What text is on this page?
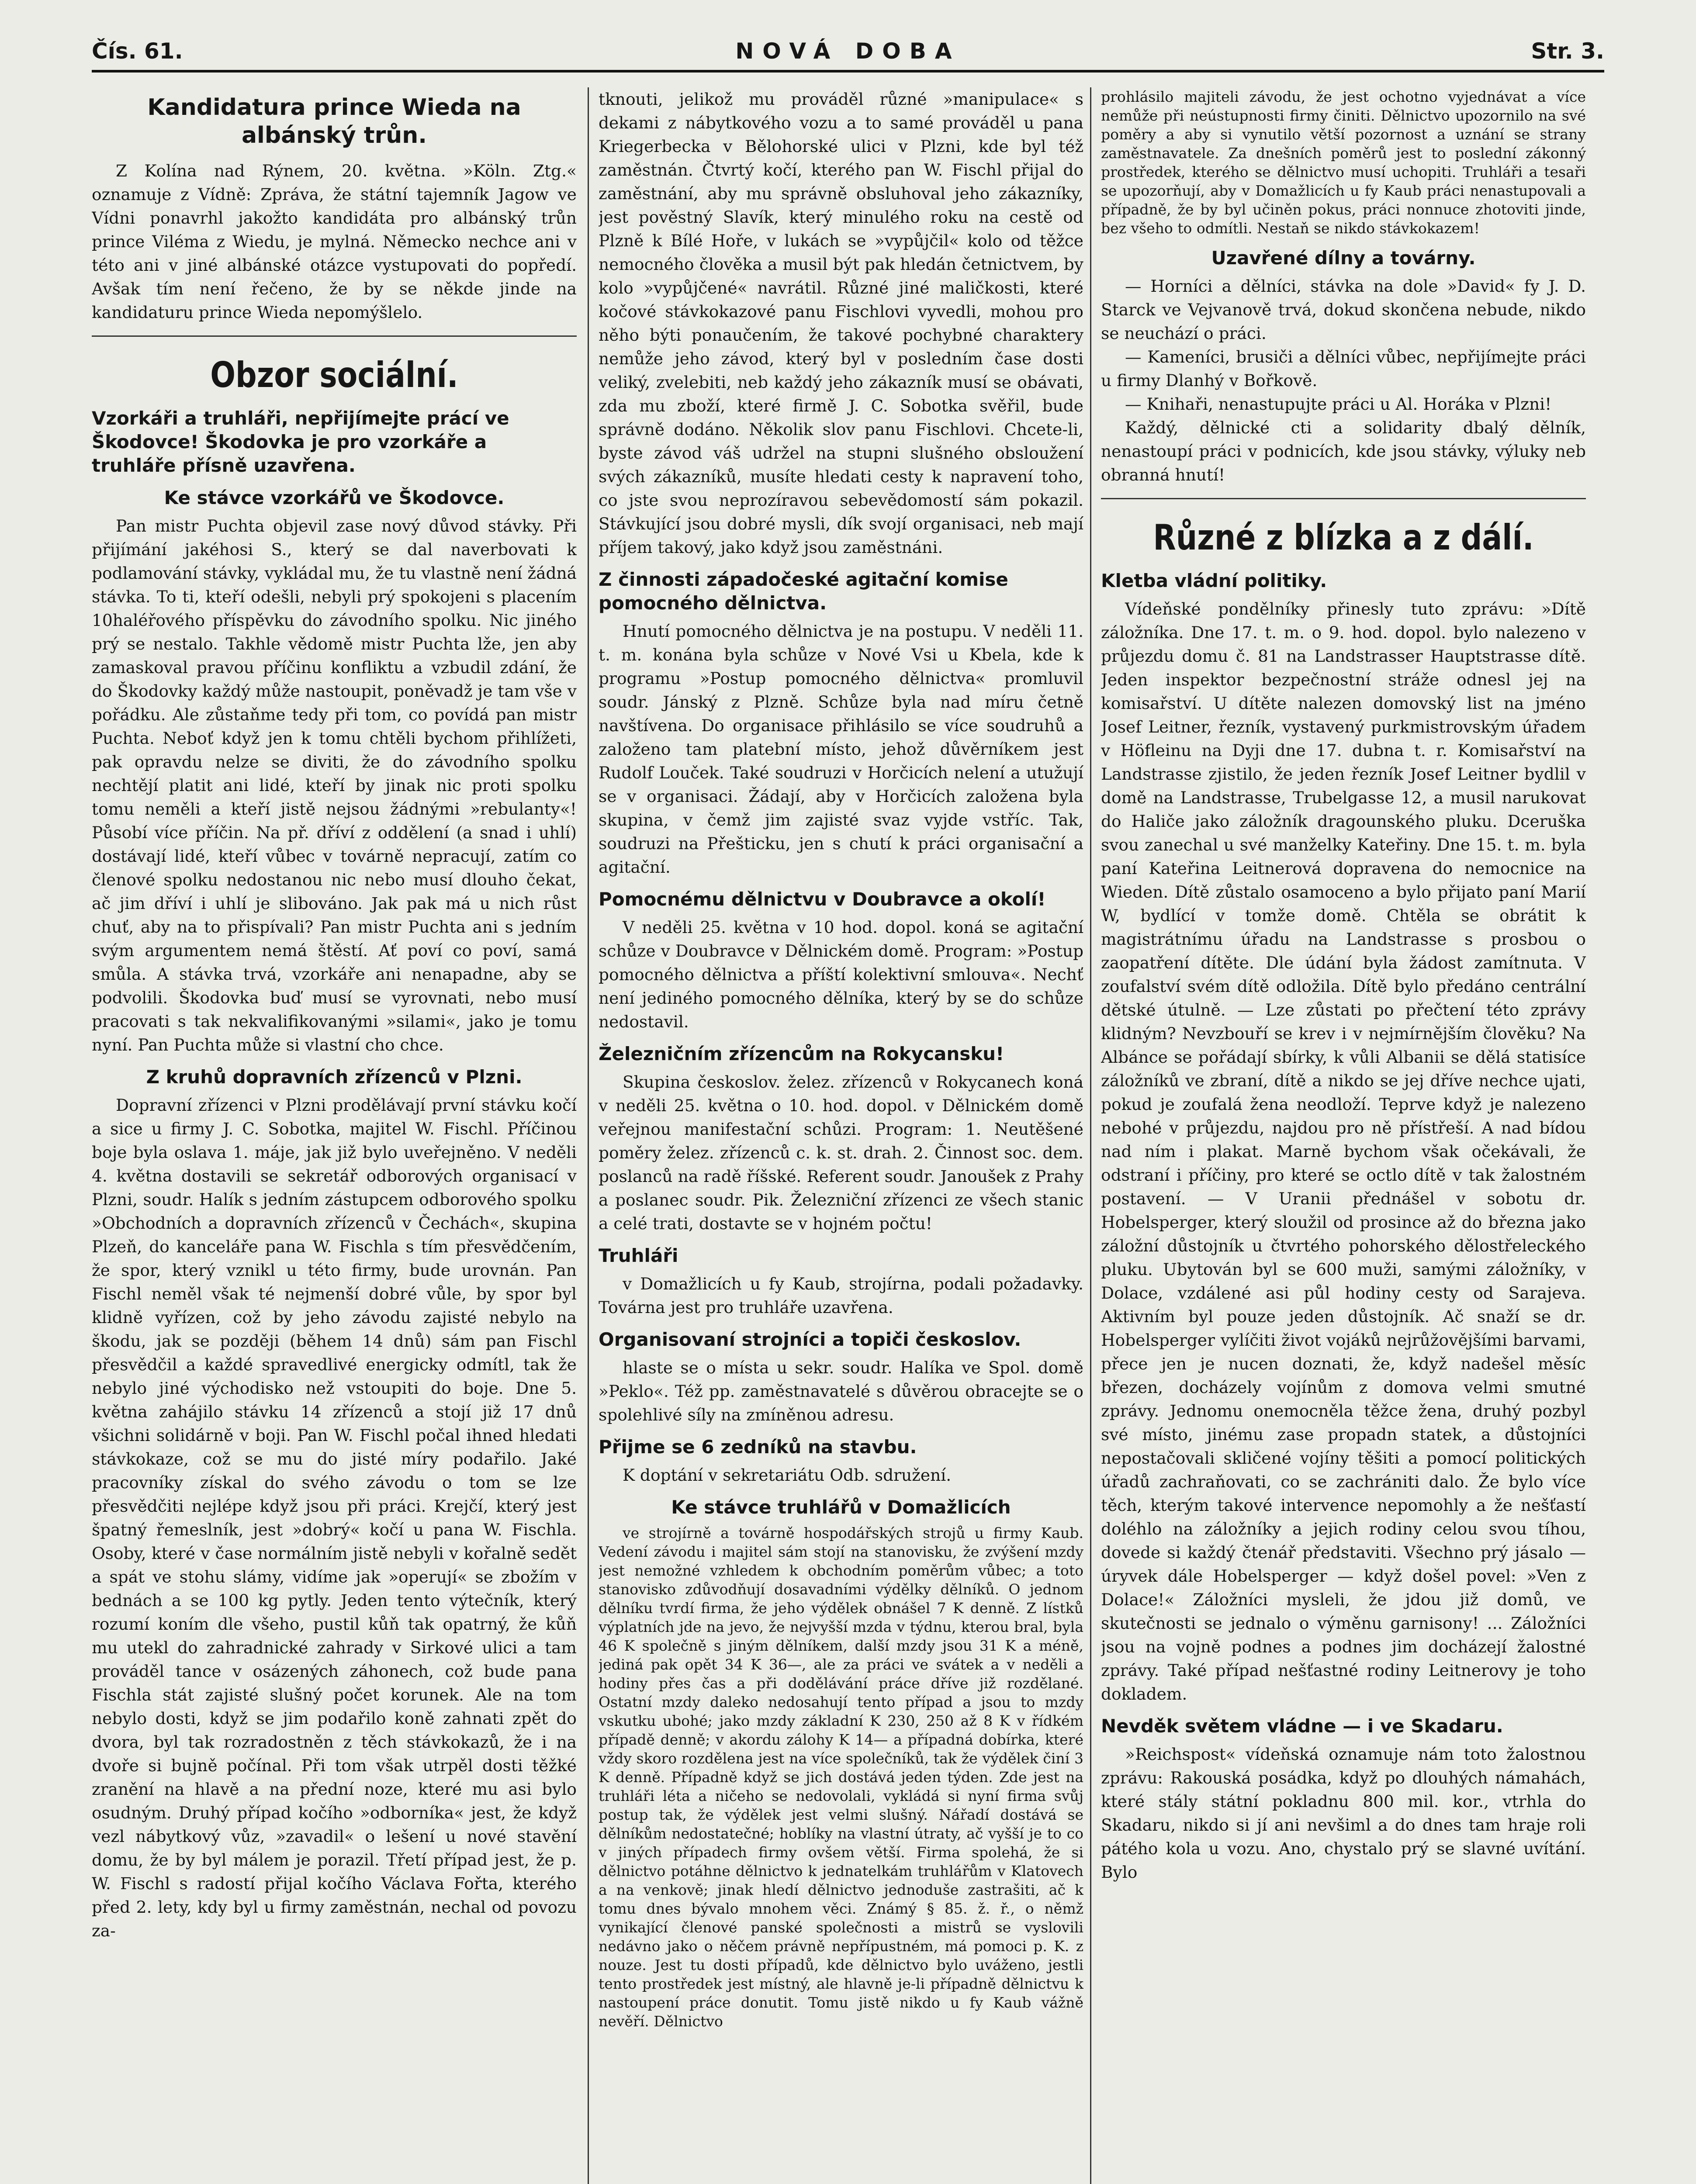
Čís. 61.	NOVÁ DOBA	Str. 3.
Kandidatura prince Wieda na albánský trůn.

Z Kolína nad Rýnem, 20. května. »Köln. Ztg.« oznamuje z Vídně: Zpráva, že státní tajemník Jagow ve Vídni ponavrhl jakožto kandidáta pro albánský trůn prince Viléma z Wiedu, je mylná. Německo nechce ani v této ani v jiné albánské otázce vystupovati do popředí. Avšak tím není řečeno, že by se někde jinde na kandidaturu prince Wieda nepomýšlelo.

Obzor sociální.
Vzorkáři a truhláři, nepřijímejte prácí ve Škodovce! Škodovka je pro vzorkáře a truhláře přísně uzavřena.
Ke stávce vzorkářů ve Škodovce.

Pan mistr Puchta objevil zase nový důvod stávky. Při přijímání jakéhosi S., který se dal naverbovati k podlamování stávky, vykládal mu, že tu vlastně není žádná stávka. To ti, kteří odešli, nebyli prý spokojeni s placením 10haléřového příspěvku do závodního spolku. Nic jiného prý se nestalo. Takhle vědomě mistr Puchta lže, jen aby zamaskoval pravou příčinu konfliktu a vzbudil zdání, že do Škodovky každý může nastoupit, poněvadž je tam vše v pořádku. Ale zůstaňme tedy při tom, co povídá pan mistr Puchta. Neboť když jen k tomu chtěli bychom přihlížeti, pak opravdu nelze se diviti, že do závodního spolku nechtějí platit ani lidé, kteří by jinak nic proti spolku tomu neměli a kteří jistě nejsou žádnými »rebulanty«! Působí více příčin. Na př. dříví z oddělení (a snad i uhlí) dostávají lidé, kteří vůbec v továrně nepracují, zatím co členové spolku nedostanou nic nebo musí dlouho čekat, ač jim dříví i uhlí je slibováno. Jak pak má u nich růst chuť, aby na to přispívali? Pan mistr Puchta ani s jedním svým argumentem nemá štěstí. Ať poví co poví, samá smůla. A stávka trvá, vzorkáře ani nenapadne, aby se podvolili. Škodovka buď musí se vyrovnati, nebo musí pracovati s tak nekvalifikovanými »silami«, jako je tomu nyní. Pan Puchta může si vlastní cho chce.

Z kruhů dopravních zřízenců v Plzni.

Dopravní zřízenci v Plzni prodělávají první stávku kočí a sice u firmy J. C. Sobotka, majitel W. Fischl. Příčinou boje byla oslava 1. máje, jak již bylo uveřejněno. V neděli 4. května dostavili se sekretář odborových organisací v Plzni, soudr. Halík s jedním zástupcem odborového spolku »Obchodních a dopravních zřízenců v Čechách«, skupina Plzeň, do kanceláře pana W. Fischla s tím přesvědčením, že spor, který vznikl u této firmy, bude urovnán. Pan Fischl neměl však té nejmenší dobré vůle, by spor byl klidně vyřízen, což by jeho závodu zajisté nebylo na škodu, jak se později (během 14 dnů) sám pan Fischl přesvědčil a každé spravedlivé energicky odmítl, tak že nebylo jiné východisko než vstoupiti do boje. Dne 5. května zahájilo stávku 14 zřízenců a stojí již 17 dnů všichni solidárně v boji. Pan W. Fischl počal ihned hledati stávkokaze, což se mu do jisté míry podařilo. Jaké pracovníky získal do svého závodu o tom se lze přesvědčiti nejlépe když jsou při práci. Krejčí, který jest špatný řemeslník, jest »dobrý« kočí u pana W. Fischla. Osoby, které v čase normálním jistě nebyli v kořalně sedět a spát ve stohu slámy, vidíme jak »operují« se zbožím v bednách a se 100 kg pytly. Jeden tento výtečník, který rozumí koním dle všeho, pustil kůň tak opatrný, že kůň mu utekl do zahradnické zahrady v Sirkové ulici a tam prováděl tance v osázených záhonech, což bude pana Fischla stát zajisté slušný počet korunek. Ale na tom nebylo dosti, když se jim podařilo koně zahnati zpět do dvora, byl tak rozradostněn z těch stávkokazů, že i na dvoře si bujně počínal. Při tom však utrpěl dosti těžké zranění na hlavě a na přední noze, které mu asi bylo osudným. Druhý případ kočího »odborníka« jest, že když vezl nábytkový vůz, »zavadil« o lešení u nové stavění domu, že by byl málem je porazil. Třetí případ jest, že p. W. Fischl s radostí přijal kočího Václava Fořta, kterého před 2. lety, kdy byl u firmy zaměstnán, nechal od povozu za-

tknouti, jelikož mu prováděl různé »manipulace« s dekami z nábytkového vozu a to samé prováděl u pana Kriegerbecka v Bělohorské ulici v Plzni, kde byl též zaměstnán. Čtvrtý kočí, kterého pan W. Fischl přijal do zaměstnání, aby mu správně obsluhoval jeho zákazníky, jest pověstný Slavík, který minulého roku na cestě od Plzně k Bílé Hoře, v lukách se »vypůjčil« kolo od těžce nemocného člověka a musil být pak hledán četnictvem, by kolo »vypůjčené« navrátil. Různé jiné maličkosti, které kočové stávkokazové panu Fischlovi vyvedli, mohou pro něho býti ponaučením, že takové pochybné charaktery nemůže jeho závod, který byl v posledním čase dosti veliký, zvelebiti, neb každý jeho zákazník musí se obávati, zda mu zboží, které firmě J. C. Sobotka svěřil, bude správně dodáno. Několik slov panu Fischlovi. Chcete-li, byste závod váš udržel na stupni slušného obsloužení svých zákazníků, musíte hledati cesty k napravení toho, co jste svou neprozíravou sebevědomostí sám pokazil. Stávkující jsou dobré mysli, dík svojí organisaci, neb mají příjem takový, jako když jsou zaměstnáni.

Z činnosti západočeské agitační komise pomocného dělnictva.

Hnutí pomocného dělnictva je na postupu. V neděli 11. t. m. konána byla schůze v Nové Vsi u Kbela, kde k programu »Postup pomocného dělnictva« promluvil soudr. Jánský z Plzně. Schůze byla nad míru četně navštívena. Do organisace přihlásilo se více soudruhů a založeno tam platební místo, jehož důvěrníkem jest Rudolf Louček. Také soudruzi v Horčicích nelení a utužují se v organisaci. Žádají, aby v Horčicích založena byla skupina, v čemž jim zajisté svaz vyjde vstříc. Tak, soudruzi na Přešticku, jen s chutí k práci organisační a agitační.

Pomocnému dělnictvu v Doubravce a okolí!

V neděli 25. května v 10 hod. dopol. koná se agitační schůze v Doubravce v Dělnickém domě. Program: »Postup pomocného dělnictva a příští kolektivní smlouva«. Nechť není jediného pomocného dělníka, který by se do schůze nedostavil.

Železničním zřízencům na Rokycansku!

Skupina českoslov. želez. zřízenců v Rokycanech koná v neděli 25. května o 10. hod. dopol. v Dělnickém domě veřejnou manifestační schůzi. Program: 1. Neutěšené poměry želez. zřízenců c. k. st. drah. 2. Činnost soc. dem. poslanců na radě říšské. Referent soudr. Janoušek z Prahy a poslanec soudr. Pik. Železniční zřízenci ze všech stanic a celé trati, dostavte se v hojném počtu!

Truhláři

v Domažlicích u fy Kaub, strojírna, podali požadavky. Továrna jest pro truhláře uzavřena.

Organisovaní strojníci a topiči českoslov.

hlaste se o místa u sekr. soudr. Halíka ve Spol. domě »Peklo«. Též pp. zaměstnavatelé s důvěrou obracejte se o spolehlivé síly na zmíněnou adresu.

Přijme se 6 zedníků na stavbu.

K doptání v sekretariátu Odb. sdružení.

Ke stávce truhlářů v Domažlicích

ve strojírně a továrně hospodářských strojů u firmy Kaub. Vedení závodu i majitel sám stojí na stanovisku, že zvýšení mzdy jest nemožné vzhledem k obchodním poměrům vůbec; a toto stanovisko zdůvodňují dosavadními výdělky dělníků. O jednom dělníku tvrdí firma, že jeho výdělek obnášel 7 K denně. Z lístků výplatních jde na jevo, že nejvyšší mzda v týdnu, kterou bral, byla 46 K společně s jiným dělníkem, další mzdy jsou 31 K a méně, jediná pak opět 34 K 36—, ale za práci ve svátek a v neděli a hodiny přes čas a při dodělávání práce dříve již rozdělané. Ostatní mzdy daleko nedosahují tento případ a jsou to mzdy vskutku ubohé; jako mzdy základní K 230, 250 až 8 K v řídkém případě denně; v akordu zálohy K 14— a případná dobírka, které vždy skoro rozdělena jest na více společníků, tak že výdělek činí 3 K denně. Případně když se jich dostává jeden týden. Zde jest na truhláři léta a ničeho se nedovolali, vykládá si nyní firma svůj postup tak, že výdělek jest velmi slušný. Nářadí dostává se dělníkům nedostatečné; hoblíky na vlastní útraty, ač vyšší je to co v jiných případech firmy ovšem větší. Firma spolehá, že si dělnictvo potáhne dělnictvo k jednatelkám truhlářům v Klatovech a na venkově; jinak hledí dělnictvo jednoduše zastrašiti, ač k tomu dnes bývalo mnohem věci. Známý § 85. ž. ř., o němž vynikající členové panské společnosti a mistrů se vyslovili nedávno jako o něčem právně nepřípustném, má pomoci p. K. z nouze. Jest tu dosti případů, kde dělnictvo bylo uváženo, jestli tento prostředek jest místný, ale hlavně je-li případně dělnictvu k nastoupení práce donutit. Tomu jistě nikdo u fy Kaub vážně nevěří. Dělnictvo

prohlásilo majiteli závodu, že jest ochotno vyjednávat a více nemůže při neústupnosti firmy činiti. Dělnictvo upozornilo na své poměry a aby si vynutilo větší pozornost a uznání se strany zaměstnavatele. Za dnešních poměrů jest to poslední zákonný prostředek, kterého se dělnictvo musí uchopiti. Truhláři a tesaři se upozorňují, aby v Domažlicích u fy Kaub práci nenastupovali a případně, že by byl učiněn pokus, práci nonnuce zhotoviti jinde, bez všeho to odmítli. Nestaň se nikdo stávkokazem!

Uzavřené dílny a továrny.

— Horníci a dělníci, stávka na dole »David« fy J. D. Starck ve Vejvanově trvá, dokud skončena nebude, nikdo se neuchází o práci.

— Kameníci, brusiči a dělníci vůbec, nepřijímejte práci u firmy Dlanhý v Bořkově.

— Knihaři, nenastupujte práci u Al. Horáka v Plzni!

Každý, dělnické cti a solidarity dbalý dělník, nenastoupí práci v podnicích, kde jsou stávky, výluky neb obranná hnutí!

Různé z blízka a z dálí.
Kletba vládní politiky.

Vídeňské pondělníky přinesly tuto zprávu: »Dítě záložníka. Dne 17. t. m. o 9. hod. dopol. bylo nalezeno v průjezdu domu č. 81 na Landstrasser Hauptstrasse dítě. Jeden inspektor bezpečnostní stráže odnesl jej na komisařství. U dítěte nalezen domovský list na jméno Josef Leitner, řezník, vystavený purkmistrovským úřadem v Höfleinu na Dyji dne 17. dubna t. r. Komisařství na Landstrasse zjistilo, že jeden řezník Josef Leitner bydlil v domě na Landstrasse, Trubelgasse 12, a musil narukovat do Haliče jako záložník dragounského pluku. Dceruška svou zanechal u své manželky Kateřiny. Dne 15. t. m. byla paní Kateřina Leitnerová dopravena do nemocnice na Wieden. Dítě zůstalo osamoceno a bylo přijato paní Marií W, bydlící v tomže domě. Chtěla se obrátit k magistrátnímu úřadu na Landstrasse s prosbou o zaopatření dítěte. Dle údání byla žádost zamítnuta. V zoufalství svém dítě odložila. Dítě bylo předáno centrální dětské útulně. — Lze zůstati po přečtení této zprávy klidným? Nevzbouří se krev i v nejmírnějším člověku? Na Albánce se pořádají sbírky, k vůli Albanii se dělá statisíce záložníků ve zbraní, dítě a nikdo se jej dříve nechce ujati, pokud je zoufalá žena neodloží. Teprve když je nalezeno nebohé v průjezdu, najdou pro ně přístřeší. A nad bídou nad ním i plakat. Marně bychom však očekávali, že odstraní i příčiny, pro které se octlo dítě v tak žalostném postavení. — V Uranii přednášel v sobotu dr. Hobelsperger, který sloužil od prosince až do března jako záložní důstojník u čtvrtého pohorského dělostřeleckého pluku. Ubytován byl se 600 muži, samými záložníky, v Dolace, vzdálené asi půl hodiny cesty od Sarajeva. Aktivním byl pouze jeden důstojník. Ač snaží se dr. Hobelsperger vylíčiti život vojáků nejrůžovějšími barvami, přece jen je nucen doznati, že, když nadešel měsíc březen, docházely vojínům z domova velmi smutné zprávy. Jednomu onemocněla těžce žena, druhý pozbyl své místo, jinému zase propadn statek, a důstojníci nepostačovali skličené vojíny těšiti a pomocí politických úřadů zachraňovati, co se zachrániti dalo. Že bylo více těch, kterým takové intervence nepomohly a že nešťastí doléhlo na záložníky a jejich rodiny celou svou tíhou, dovede si každý čtenář představiti. Všechno prý jásalo — úryvek dále Hobelsperger — když došel povel: »Ven z Dolace!« Záložníci mysleli, že jdou již domů, ve skutečnosti se jednalo o výměnu garnisony! ... Záložníci jsou na vojně podnes a podnes jim docházejí žalostné zprávy. Také případ nešťastné rodiny Leitnerovy je toho dokladem.

Nevděk světem vládne — i ve Skadaru.

»Reichspost« vídeňská oznamuje nám toto žalostnou zprávu: Rakouská posádka, když po dlouhých námahách, které stály státní pokladnu 800 mil. kor., vtrhla do Skadaru, nikdo si jí ani nevšiml a do dnes tam hraje roli pátého kola u vozu. Ano, chystalo prý se slavné uvítání. Bylo
